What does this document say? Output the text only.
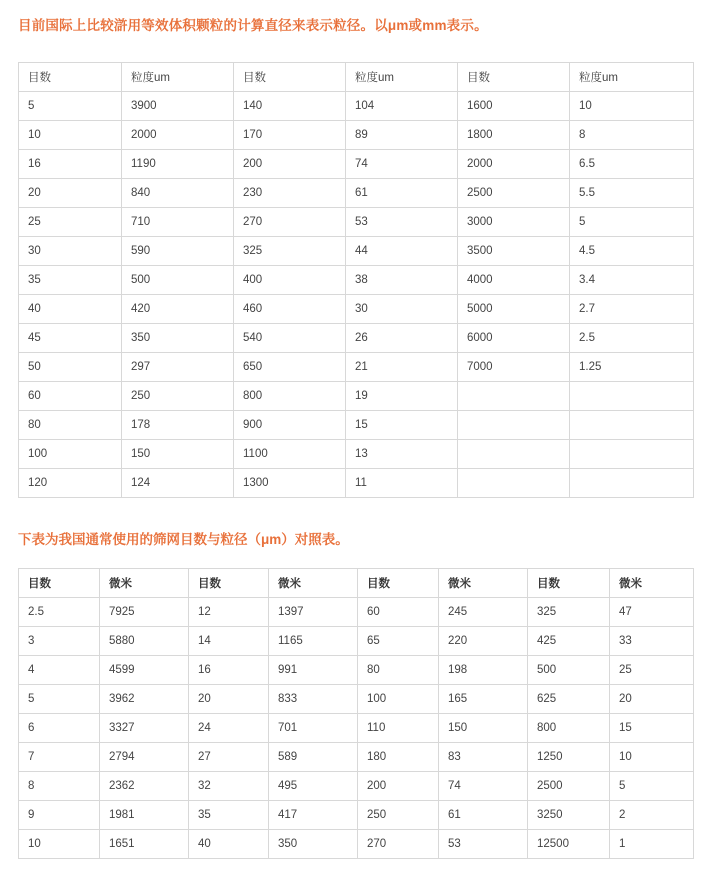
目前国际上比较滸用等效体积颗粒的计算直径来表示粒径。以μm或mm表示。

目数	粒度um	目数	粒度um	目数	粒度um
5	3900	140	104	1600	10
10	2000	170	89	1800	8
16	1190	200	74	2000	6.5
20	840	230	61	2500	5.5
25	710	270	53	3000	5
30	590	325	44	3500	4.5
35	500	400	38	4000	3.4
40	420	460	30	5000	2.7
45	350	540	26	6000	2.5
50	297	650	21	7000	1.25
60	250	800	19		
80	178	900	15		
100	150	1100	13		
120	124	1300	11		

下表为我国通常使用的筛网目数与粒径（μm）对照表。

目数	微米	目数	微米	目数	微米	目数	微米
2.5	7925	12	1397	60	245	325	47
3	5880	14	1165	65	220	425	33
4	4599	16	991	80	198	500	25
5	3962	20	833	100	165	625	20
6	3327	24	701	110	150	800	15
7	2794	27	589	180	83	1250	10
8	2362	32	495	200	74	2500	5
9	1981	35	417	250	61	3250	2
10	1651	40	350	270	53	12500	1
